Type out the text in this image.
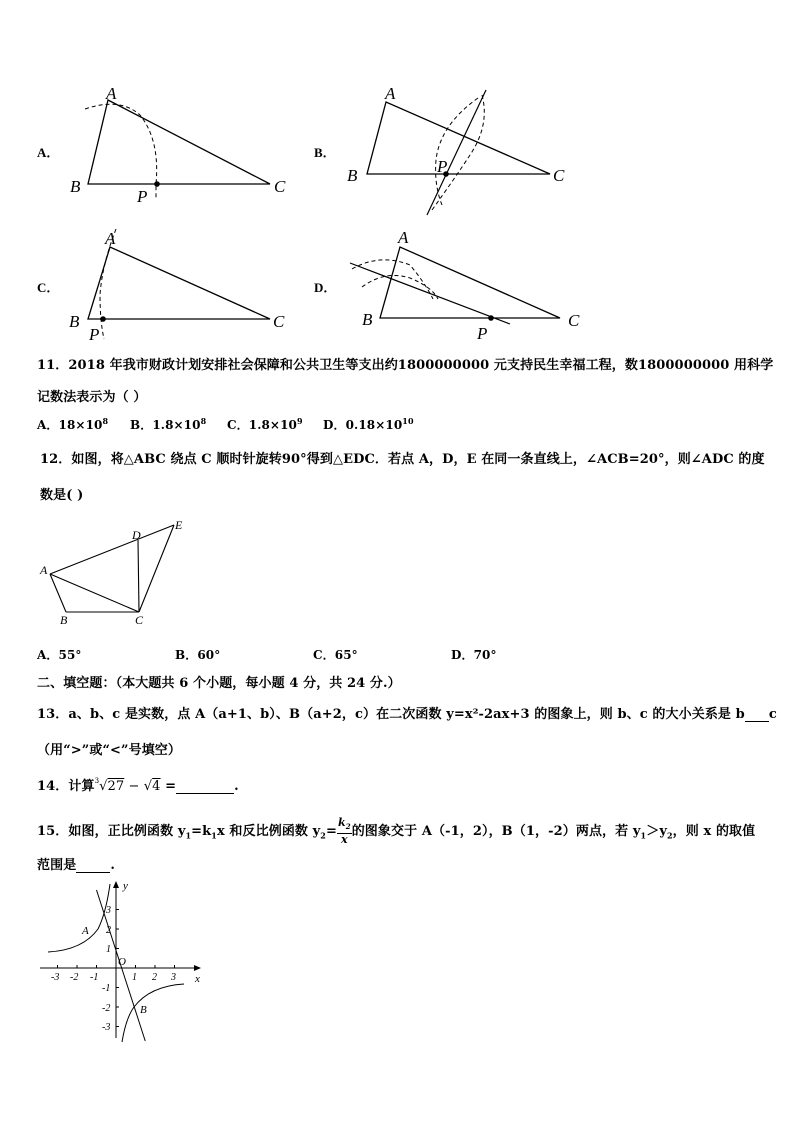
A．	B．
C．	D．
A
B	C
P
A
B	C
P
A
B	C
P
A
B	C
P
11．2018 年我市财政计划安排社会保障和公共卫生等支出约1800000000 元支持民生幸福工程，数1800000000 用科学
记数法表示为（ ）
A．$18\times 10^8$ B．$1.8\times 10^8$ C．$1.8\times 10^9$ D．$0.18\times 10^{10}$
12．如图，将△ABC 绕点 C 顺时针旋转90°得到△EDC．若点 A，D，E 在同一条直线上，∠ACB=20°，则∠ADC 的度
数是( )
A
B	C
D
E
A．55°	B．60°	C．65°	D．70°
二、填空题：（本大题共 6 个小题，每小题 4 分，共 24 分.）
13．a、b、c 是实数，点 A（a+1、b）、B（a+2，c）在二次函数 y=x²-2ax+3 的图象上，则 b、c 的大小关系是 b c
（用“>”或“<”号填空）
14．计算$^3$√27 − √4 =	.
15．如图，正比例函数 $y_1=k_1x$ 和反比例函数 $y_2= \frac{k_2}{x}$ 的图象交于 A（-1，2），B（1，-2）两点，若 $y_1>y_2$，则 x 的取值
范围是	.
y
x
O
A
B
-3 -2 -1	1 2 3
3
2
1
-1
-2
-3
